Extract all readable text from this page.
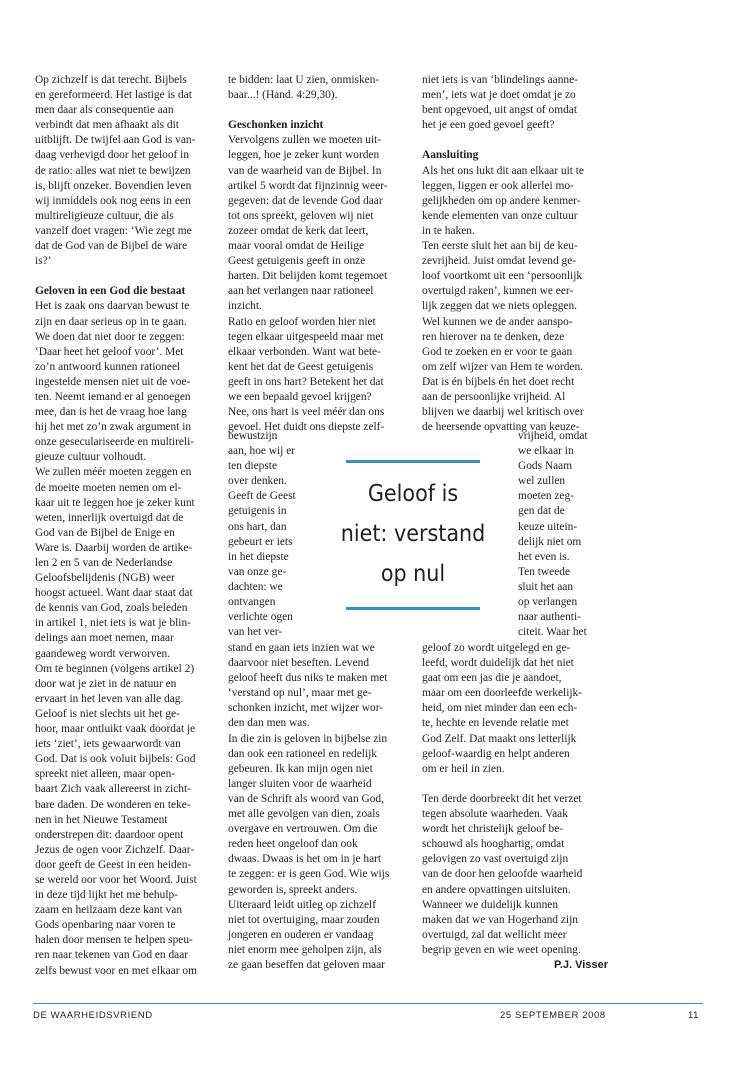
Op zichzelf is dat terecht. Bijbels

en gereformeerd. Het lastige is dat

men daar als consequentie aan

verbindt dat men afhaakt als dit

uitblijft. De twijfel aan God is van-

daag verhevigd door het geloof in

de ratio: alles wat niet te bewijzen

is, blijft onzeker. Bovendien leven

wij inmiddels ook nog eens in een

multireligieuze cultuur, die als

vanzelf doet vragen: ‘Wie zegt me

dat de God van de Bijbel de ware

is?’

Geloven in een God die bestaat

Het is zaak ons daarvan bewust te

zijn en daar serieus op in te gaan.

We doen dat niet door te zeggen:

‘Daar heet het geloof voor’. Met

zo’n antwoord kunnen rationeel

ingestelde mensen niet uit de voe-

ten. Neemt iemand er al genoegen

mee, dan is het de vraag hoe lang

hij het met zo’n zwak argument in

onze geseculariseerde en multireli-

gieuze cultuur volhoudt.

We zullen méér moeten zeggen en

de moeite moeten nemen om el-

kaar uit te leggen hoe je zeker kunt

weten, innerlijk overtuigd dat de

God van de Bijbel de Enige en

Ware is. Daarbij worden de artike-

len 2 en 5 van de Nederlandse

Geloofsbelijdenis (NGB) weer

hoogst actueel. Want daar staat dat

de kennis van God, zoals beleden

in artikel 1, niet iets is wat je blin-

delings aan moet nemen, maar

gaandeweg wordt verworven.

Om te beginnen (volgens artikel 2)

door wat je ziet in de natuur en

ervaart in het leven van alle dag.

Geloof is niet slechts uit het ge-

hoor, maar ontluikt vaak doordat je

iets ‘ziet’, iets gewaarwordt van

God. Dat is ook voluit bijbels: God

spreekt niet alleen, maar open-

baart Zich vaak allereerst in zicht-

bare daden. De wonderen en teke-

nen in het Nieuwe Testament

onderstrepen dit: daardoor opent

Jezus de ogen voor Zichzelf. Daar-

door geeft de Geest in een heiden-

se wereld oor voor het Woord. Juist

in deze tijd lijkt het me behulp-

zaam en heilzaam deze kant van

Gods openbaring naar voren te

halen door mensen te helpen speu-

ren naar tekenen van God en daar

zelfs bewust voor en met elkaar om

te bidden: laat U zien, onmisken-

baar...! (Hand. 4:29,30).

Geschonken inzicht

Vervolgens zullen we moeten uit-

leggen, hoe je zeker kunt worden

van de waarheid van de Bijbel. In

artikel 5 wordt dat fijnzinnig weer-

gegeven: dat de levende God daar

tot ons spreekt, geloven wij niet

zozeer omdat de kerk dat leert,

maar vooral omdat de Heilige

Geest getuigenis geeft in onze

harten. Dit belijden komt tegemoet

aan het verlangen naar rationeel

inzicht.

Ratio en geloof worden hier niet

tegen elkaar uitgespeeld maar met

elkaar verbonden. Want wat bete-

kent het dat de Geest getuigenis

geeft in ons hart? Betekent het dat

we een bepaald gevoel krijgen?

Nee, ons hart is veel méér dan ons

gevoel. Het duidt ons diepste zelf-

bewustzijn

aan, hoe wij er

ten diepste

over denken.

Geeft de Geest

getuigenis in

ons hart, dan

gebeurt er iets

in het diepste

van onze ge-

dachten: we

ontvangen

verlichte ogen

van het ver-

stand en gaan iets inzien wat we

daarvoor niet beseften. Levend

geloof heeft dus niks te maken met

‘verstand op nul’, maar met ge-

schonken inzicht, met wijzer wor-

den dan men was.

In die zin is geloven in bijbelse zin

dan ook een rationeel en redelijk

gebeuren. Ik kan mijn ogen niet

langer sluiten voor de waarheid

van de Schrift als woord van God,

met alle gevolgen van dien, zoals

overgave en vertrouwen. Om die

reden heet ongeloof dan ook

dwaas. Dwaas is het om in je hart

te zeggen: er is geen God. Wie wijs

geworden is, spreekt anders.

Uiteraard leidt uitleg op zichzelf

niet tot overtuiging, maar zouden

jongeren en ouderen er vandaag

niet enorm mee geholpen zijn, als

ze gaan beseffen dat geloven maar

niet iets is van ‘blindelings aanne-

men’, iets wat je doet omdat je zo

bent opgevoed, uit angst of omdat

het je een goed gevoel geeft?

Aansluiting

Als het ons lukt dit aan elkaar uit te

leggen, liggen er ook allerlei mo-

gelijkheden om op andere kenmer-

kende elementen van onze cultuur

in te haken.

Ten eerste sluit het aan bij de keu-

zevrijheid. Juist omdat levend ge-

loof voortkomt uit een ‘persoonlijk

overtuigd raken’, kunnen we eer-

lijk zeggen dat we niets opleggen.

Wel kunnen we de ander aanspo-

ren hierover na te denken, deze

God te zoeken en er voor te gaan

om zelf wijzer van Hem te worden.

Dat is én bijbels én het doet recht

aan de persoonlijke vrijheid. Al

blijven we daarbij wel kritisch over

de heersende opvatting van keuze-

vrijheid, omdat

we elkaar in

Gods Naam

wel zullen

moeten zeg-

gen dat de

keuze uitein-

delijk niet om

het even is.

Ten tweede

sluit het aan

op verlangen

naar authenti-

citeit. Waar het

geloof zo wordt uitgelegd en ge-

leefd, wordt duidelijk dat het niet

gaat om een jas die je aandoet,

maar om een doorleefde werkelijk-

heid, om niet minder dan een ech-

te, hechte en levende relatie met

God Zelf. Dat maakt ons letterlijk

geloof-waardig en helpt anderen

om er heil in zien.

Ten derde doorbreekt dit het verzet

tegen absolute waarheden. Vaak

wordt het christelijk geloof be-

schouwd als hooghartig, omdat

gelovigen zo vast overtuigd zijn

van de door hen geloofde waarheid

en andere opvattingen uitsluiten.

Wanneer we duidelijk kunnen

maken dat we van Hogerhand zijn

overtuigd, zal dat wellicht meer

begrip geven en wie weet opening.

P.J. Visser

Geloof is
niet: verstand
op nul
DE WAARHEIDSVRIEND	25 SEPTEMBER 2008	11
